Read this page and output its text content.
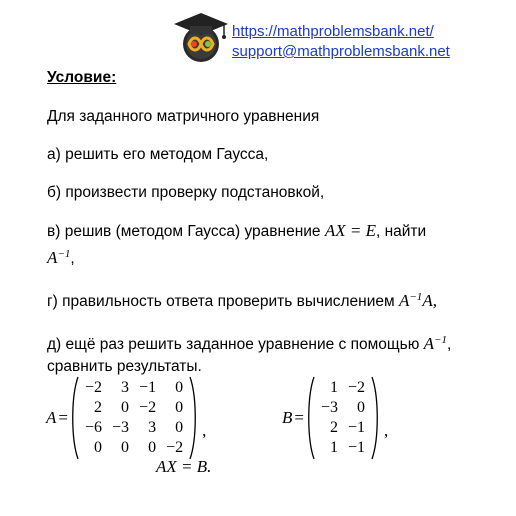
https://mathproblemsbank.net/
support@mathproblemsbank.net

Условие:

Для заданного матричного уравнения

а) решить его методом Гаусса,

б) произвести проверку подстановкой,

в) решив (методом Гаусса) уравнение AX = E, найти
$A^{-1}$,

г) правильность ответа проверить вычислением $A^{-1}A$,

д) ещё раз решить заданное уравнение с помощью $A^{-1}$,
сравнить результаты.

A =
−2	3	−1	0
2	0	−2	0
−6	−3	3	0
0	0	0	−2
,
B =
1	−2
−3	0
2	−1
1	−1
,
AX = B.
